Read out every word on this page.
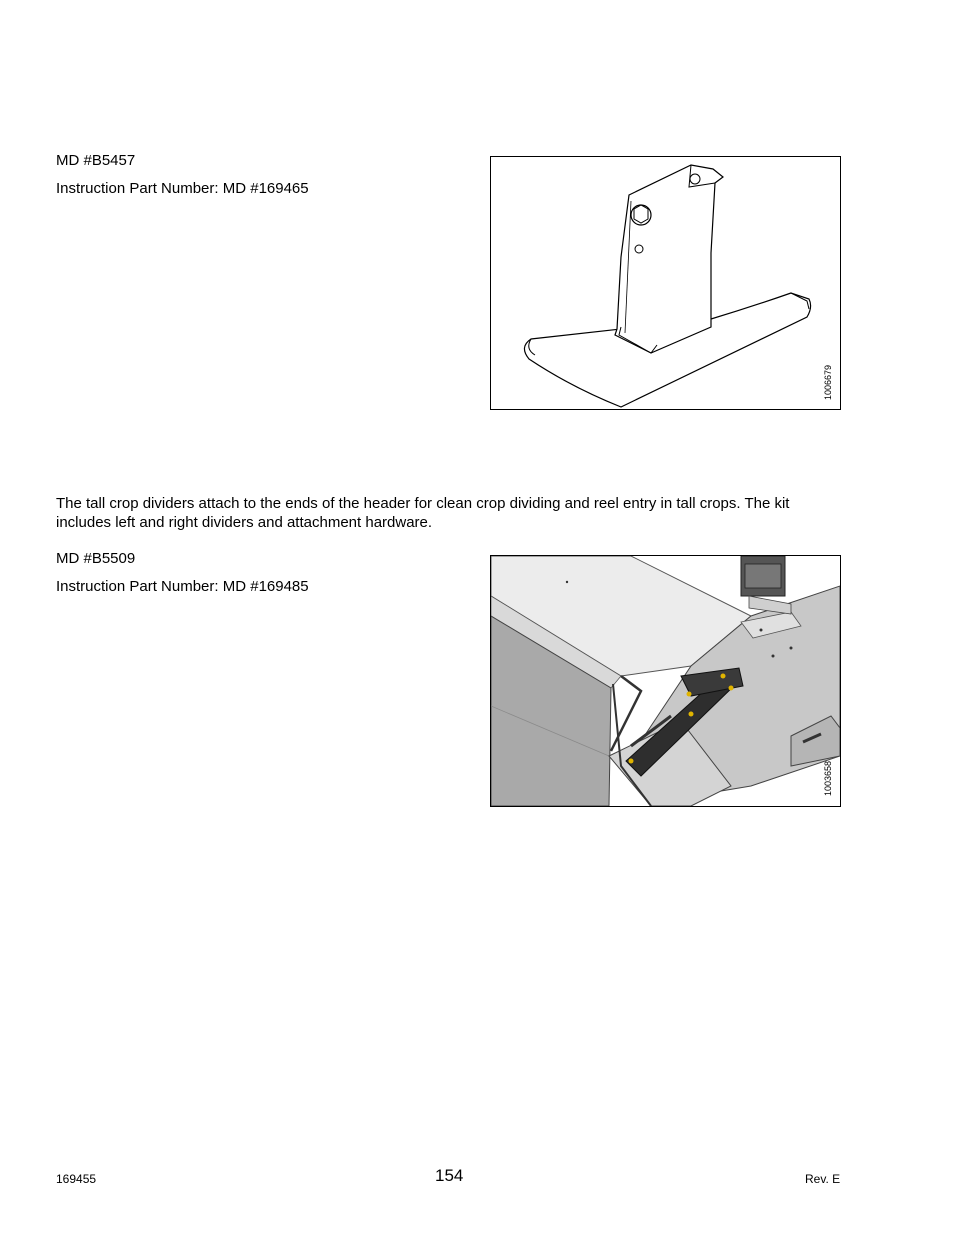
MD #B5457
Instruction Part Number: MD #169465
1006679
The tall crop dividers attach to the ends of the header for clean crop dividing and reel entry in tall crops. The kit
includes left and right dividers and attachment hardware.
MD #B5509
Instruction Part Number: MD #169485
1003658
169455	154	Rev. E
